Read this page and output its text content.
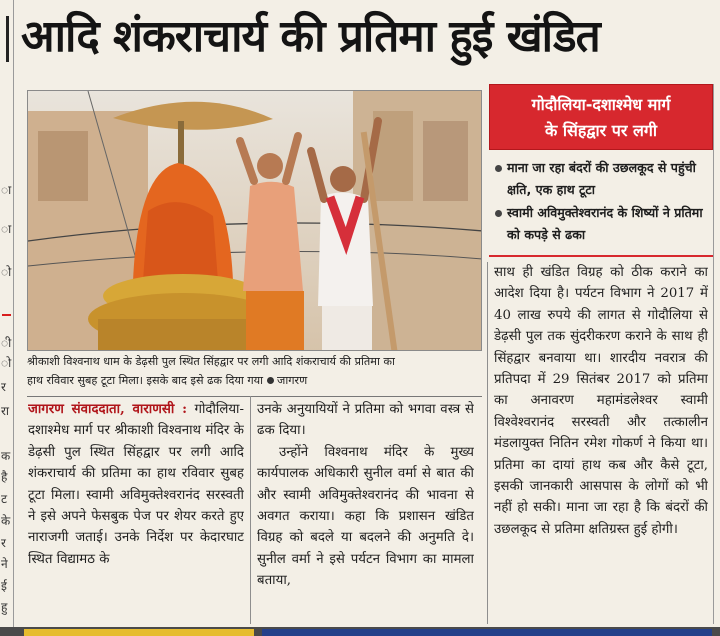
ा
ा
ो
ी
ो
र
रा
क
है
ट
के
र
ने
ई
हु
आदि शंकराचार्य की प्रतिमा हुई खंडित
श्रीकाशी विश्वनाथ धाम के डेढ़सी पुल स्थित सिंहद्वार पर लगी आदि शंकराचार्य की प्रतिमा का
हाथ रविवार सुबह टूटा मिला। इसके बाद इसे ढक दिया गया जागरण

जागरण संवाददाता, वाराणसी : गोदौलिया-दशाश्मेध मार्ग पर श्रीकाशी विश्वनाथ मंदिर के डेढ़सी पुल स्थित सिंहद्वार पर लगी आदि शंकराचार्य की प्रतिमा का हाथ रविवार सुबह टूटा मिला। स्वामी अविमुक्तेश्वरानंद सरस्वती ने इसे अपने फेसबुक पेज पर शेयर करते हुए नाराजगी जताई। उनके निर्देश पर केदारघाट स्थित विद्यामठ के

उनके अनुयायियों ने प्रतिमा को भगवा वस्त्र से ढक दिया।

उन्होंने विश्वनाथ मंदिर के मुख्य कार्यपालक अधिकारी सुनील वर्मा से बात की और स्वामी अविमुक्तेश्वरानंद की भावना से अवगत कराया। कहा कि प्रशासन खंडित विग्रह को बदले या बदलने की अनुमति दे। सुनील वर्मा ने इसे पर्यटन विभाग का मामला बताया,

गोदौलिया-दशाश्मेध मार्ग
के सिंहद्वार पर लगी
माना जा रहा बंदरों की उछलकूद से पहुंची क्षति, एक हाथ टूटा
स्वामी अविमुक्तेश्वरानंद के शिष्यों ने प्रतिमा को कपड़े से ढका

साथ ही खंडित विग्रह को ठीक कराने का आदेश दिया है। पर्यटन विभाग ने 2017 में 40 लाख रुपये की लागत से गोदौलिया से डेढ़सी पुल तक सुंदरीकरण कराने के साथ ही सिंहद्वार बनवाया था। शारदीय नवरात्र की प्रतिपदा में 29 सितंबर 2017 को प्रतिमा का अनावरण महामंडलेश्वर स्वामी विश्वेश्वरानंद सरस्वती और तत्कालीन मंडलायुक्त नितिन रमेश गोकर्ण ने किया था। प्रतिमा का दायां हाथ कब और कैसे टूटा, इसकी जानकारी आसपास के लोगों को भी नहीं हो सकी। माना जा रहा है कि बंदरों की उछलकूद से प्रतिमा क्षतिग्रस्त हुई होगी।
